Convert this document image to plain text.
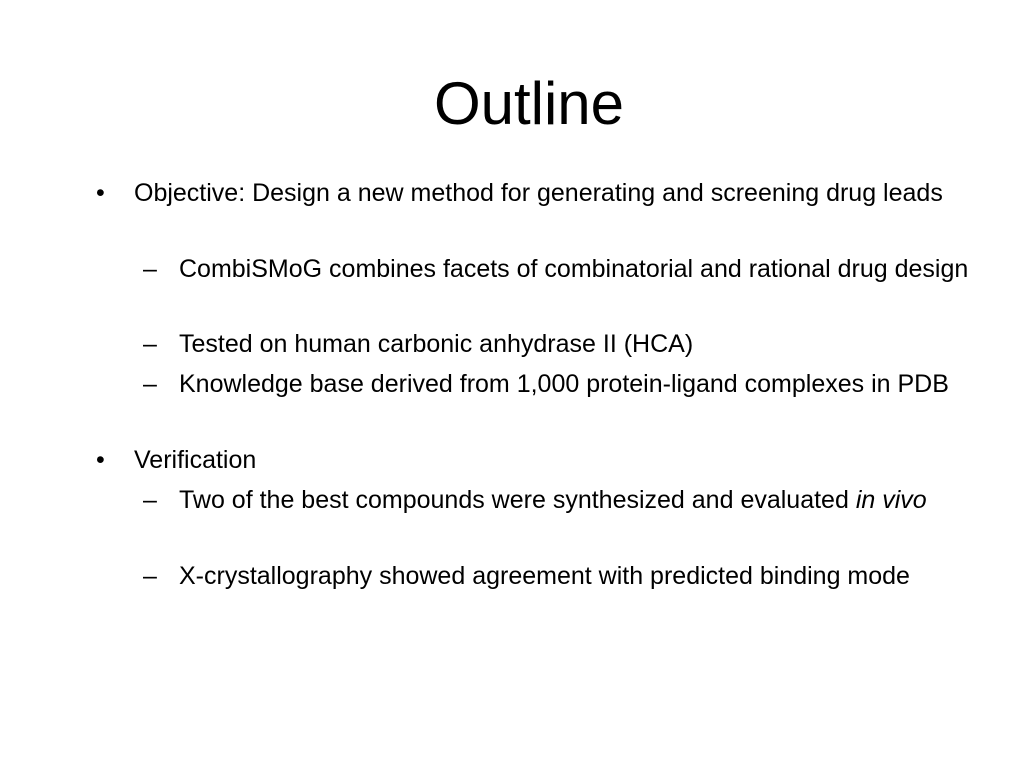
Outline
• Objective: Design a new method for generating and screening drug leads
– CombiSMoG combines facets of combinatorial and rational drug design
– Tested on human carbonic anhydrase II (HCA)
– Knowledge base derived from 1,000 protein-ligand complexes in PDB
• Verification
– Two of the best compounds were synthesized and evaluated in vivo
– X-crystallography showed agreement with predicted binding mode
